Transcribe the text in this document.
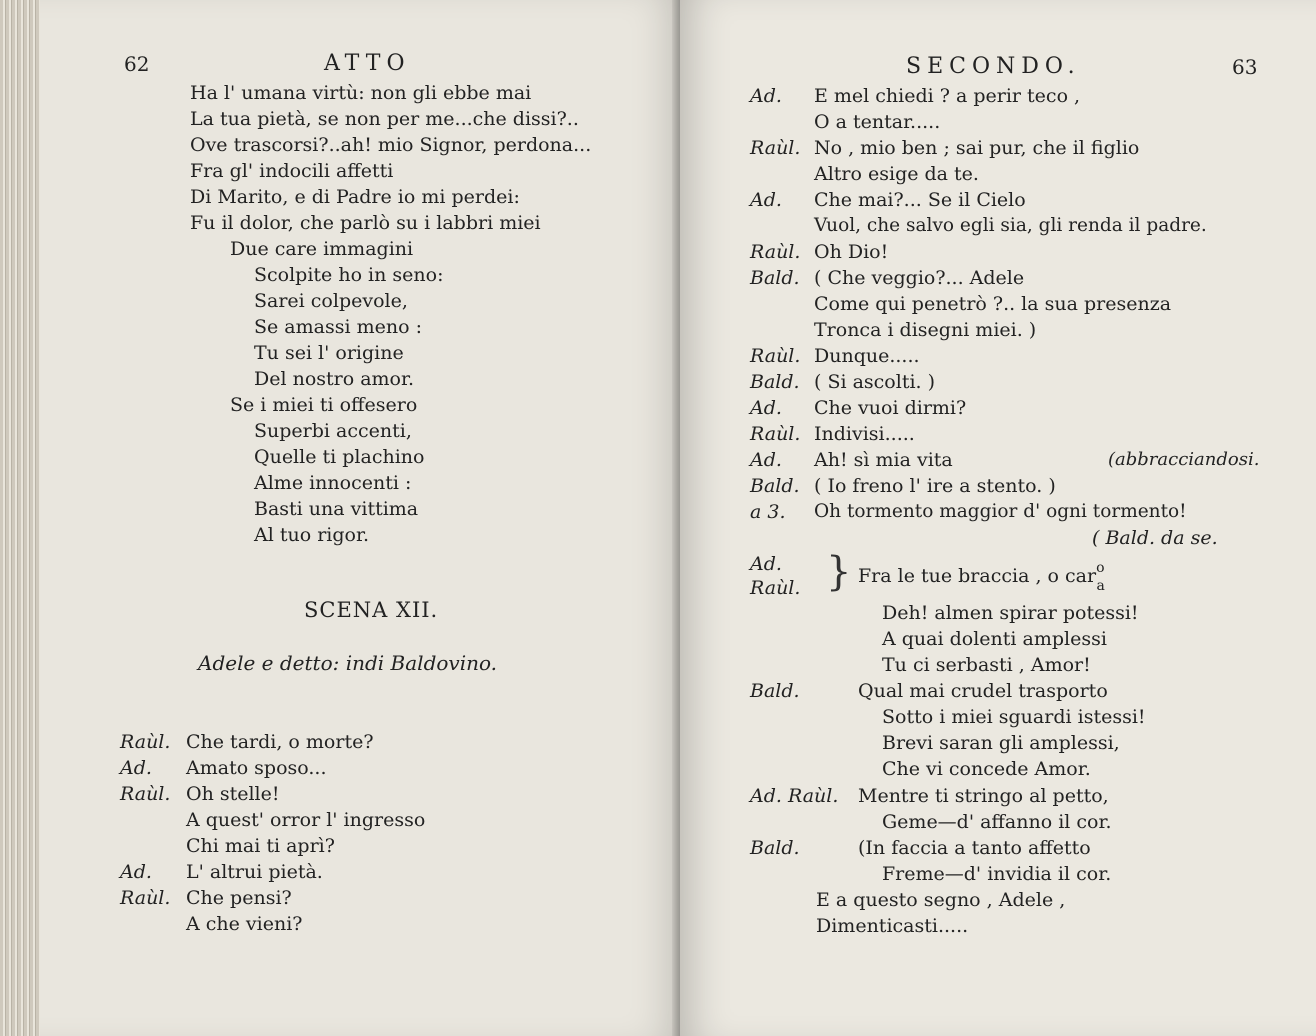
62	ATTO
Ha l' umana virtù: non gli ebbe mai
La tua pietà, se non per me...che dissi?..
Ove trascorsi?..ah! mio Signor, perdona...
Fra gl' indocili affetti
Di Marito, e di Padre io mi perdei:
Fu il dolor, che parlò su i labbri miei
Due care immagini
Scolpite ho in seno:
Sarei colpevole,
Se amassi meno :
Tu sei l' origine
Del nostro amor.
Se i miei ti offesero
Superbi accenti,
Quelle ti plachino
Alme innocenti :
Basti una vittima
Al tuo rigor.
SCENA XII.
Adele e detto: indi Baldovino.
Raùl. Che tardi, o morte?
Ad. Amato sposo...
Raùl. Oh stelle!
A quest' orror l' ingresso
Chi mai ti aprì?
Ad. L' altrui pietà.
Raùl. Che pensi?
A che vieni?
SECONDO.	63
Ad. E mel chiedi ? a perir teco ,
O a tentar.....
Raùl. No , mio ben ; sai pur, che il figlio
Altro esige da te.
Ad. Che mai?... Se il Cielo
Vuol, che salvo egli sia, gli renda il padre.
Raùl. Oh Dio!
Bald. ( Che veggio?... Adele
Come qui penetrò ?.. la sua presenza
Tronca i disegni miei. )
Raùl. Dunque.....
Bald. ( Si ascolti. )
Ad. Che vuoi dirmi?
Raùl. Indivisi.....
Ad. Ah! sì mia vita	(abbracciandosi.
Bald. ( Io freno l' ire a stento. )
a 3. Oh tormento maggior d' ogni tormento!
( Bald. da se.
Ad.
Raùl. } Fra le tue braccia , o car$^o_a$
Deh! almen spirar potessi!
A quai dolenti amplessi
Tu ci serbasti , Amor!
Bald.	Qual mai crudel trasporto
Sotto i miei sguardi istessi!
Brevi saran gli amplessi,
Che vi concede Amor.
Ad. Raùl. Mentre ti stringo al petto,
Geme—d' affanno il cor.
Bald.	(In faccia a tanto affetto
Freme—d' invidia il cor.
E a questo segno , Adele ,
Dimenticasti.....
